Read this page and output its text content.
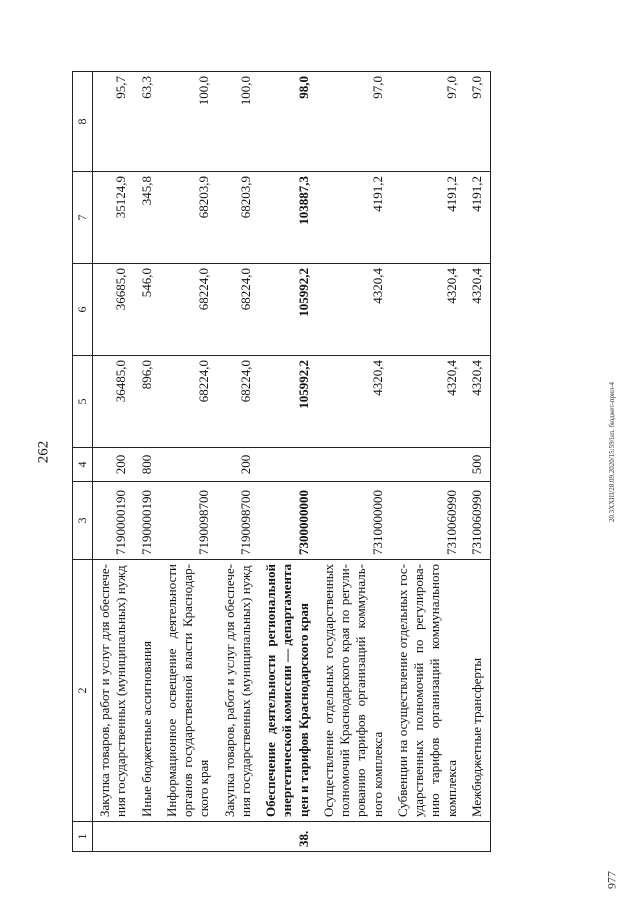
262
977
20.3XXIII/28.09.2020/15:59/isп. бюджет-прил-4
1	2	3	4	5	6	7	8
	Закупка товаров, работ и услуг для обеспече-ния государственных (муниципальных) нужд	7190000190	200	36485,0	36685,0	35124,9	95,7
	Иные бюджетные ассигнования	7190000190	800	896,0	546,0	345,8	63,3
	Информационное освещение деятельности органов государственной власти Краснодар-ского края	7190098700		68224,0	68224,0	68203,9	100,0
	Закупка товаров, работ и услуг для обеспече-ния государственных (муниципальных) нужд	7190098700	200	68224,0	68224,0	68203,9	100,0
38.	Обеспечение деятельности региональной энергетической комиссии — департамента цен и тарифов Краснодарского края	7300000000		105992,2	105992,2	103887,3	98,0
	Осуществление отдельных государственных полномочий Краснодарского края по регули-рованию тарифов организаций коммуналь-ного комплекса	7310000000		4320,4	4320,4	4191,2	97,0
	Субвенции на осуществление отдельных гос-ударственных полномочий по регулирова-нию тарифов организаций коммунального комплекса	7310060990		4320,4	4320,4	4191,2	97,0
	Межбюджетные трансферты	7310060990	500	4320,4	4320,4	4191,2	97,0
